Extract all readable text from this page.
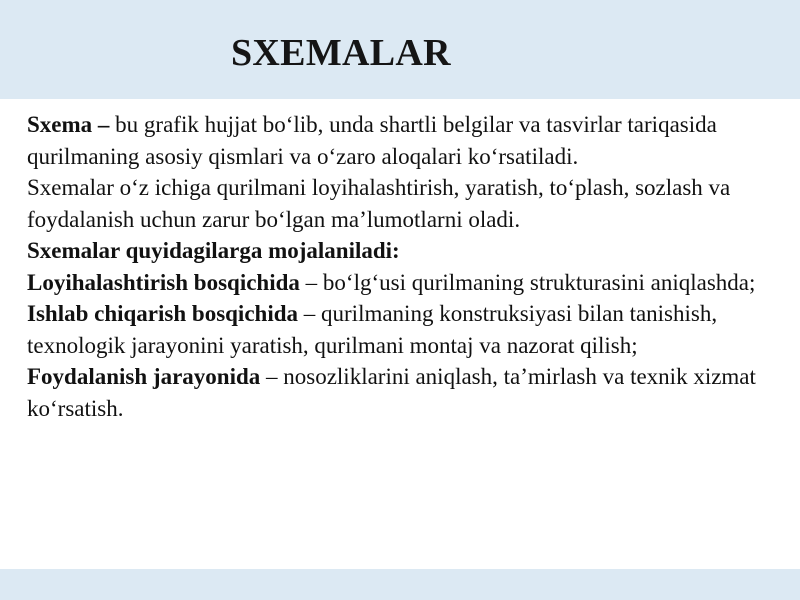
SXEMALAR

Sxema – bu grafik hujjat bo‘lib, unda shartli belgilar va tasvirlar tariqasida qurilmaning asosiy qismlari va o‘zaro aloqalari ko‘rsatiladi.

Sxemalar o‘z ichiga qurilmani loyihalashtirish, yaratish, to‘plash, sozlash va foydalanish uchun zarur bo‘lgan ma’lumotlarni oladi.

Sxemalar quyidagilarga mojalaniladi:

Loyihalashtirish bosqichida – bo‘lg‘usi qurilmaning strukturasini aniqlashda;

Ishlab chiqarish bosqichida – qurilmaning konstruksiyasi bilan tanishish, texnologik jarayonini yaratish, qurilmani montaj va nazorat qilish;

Foydalanish jarayonida – nosozliklarini aniqlash, ta’mirlash va texnik xizmat ko‘rsatish.
